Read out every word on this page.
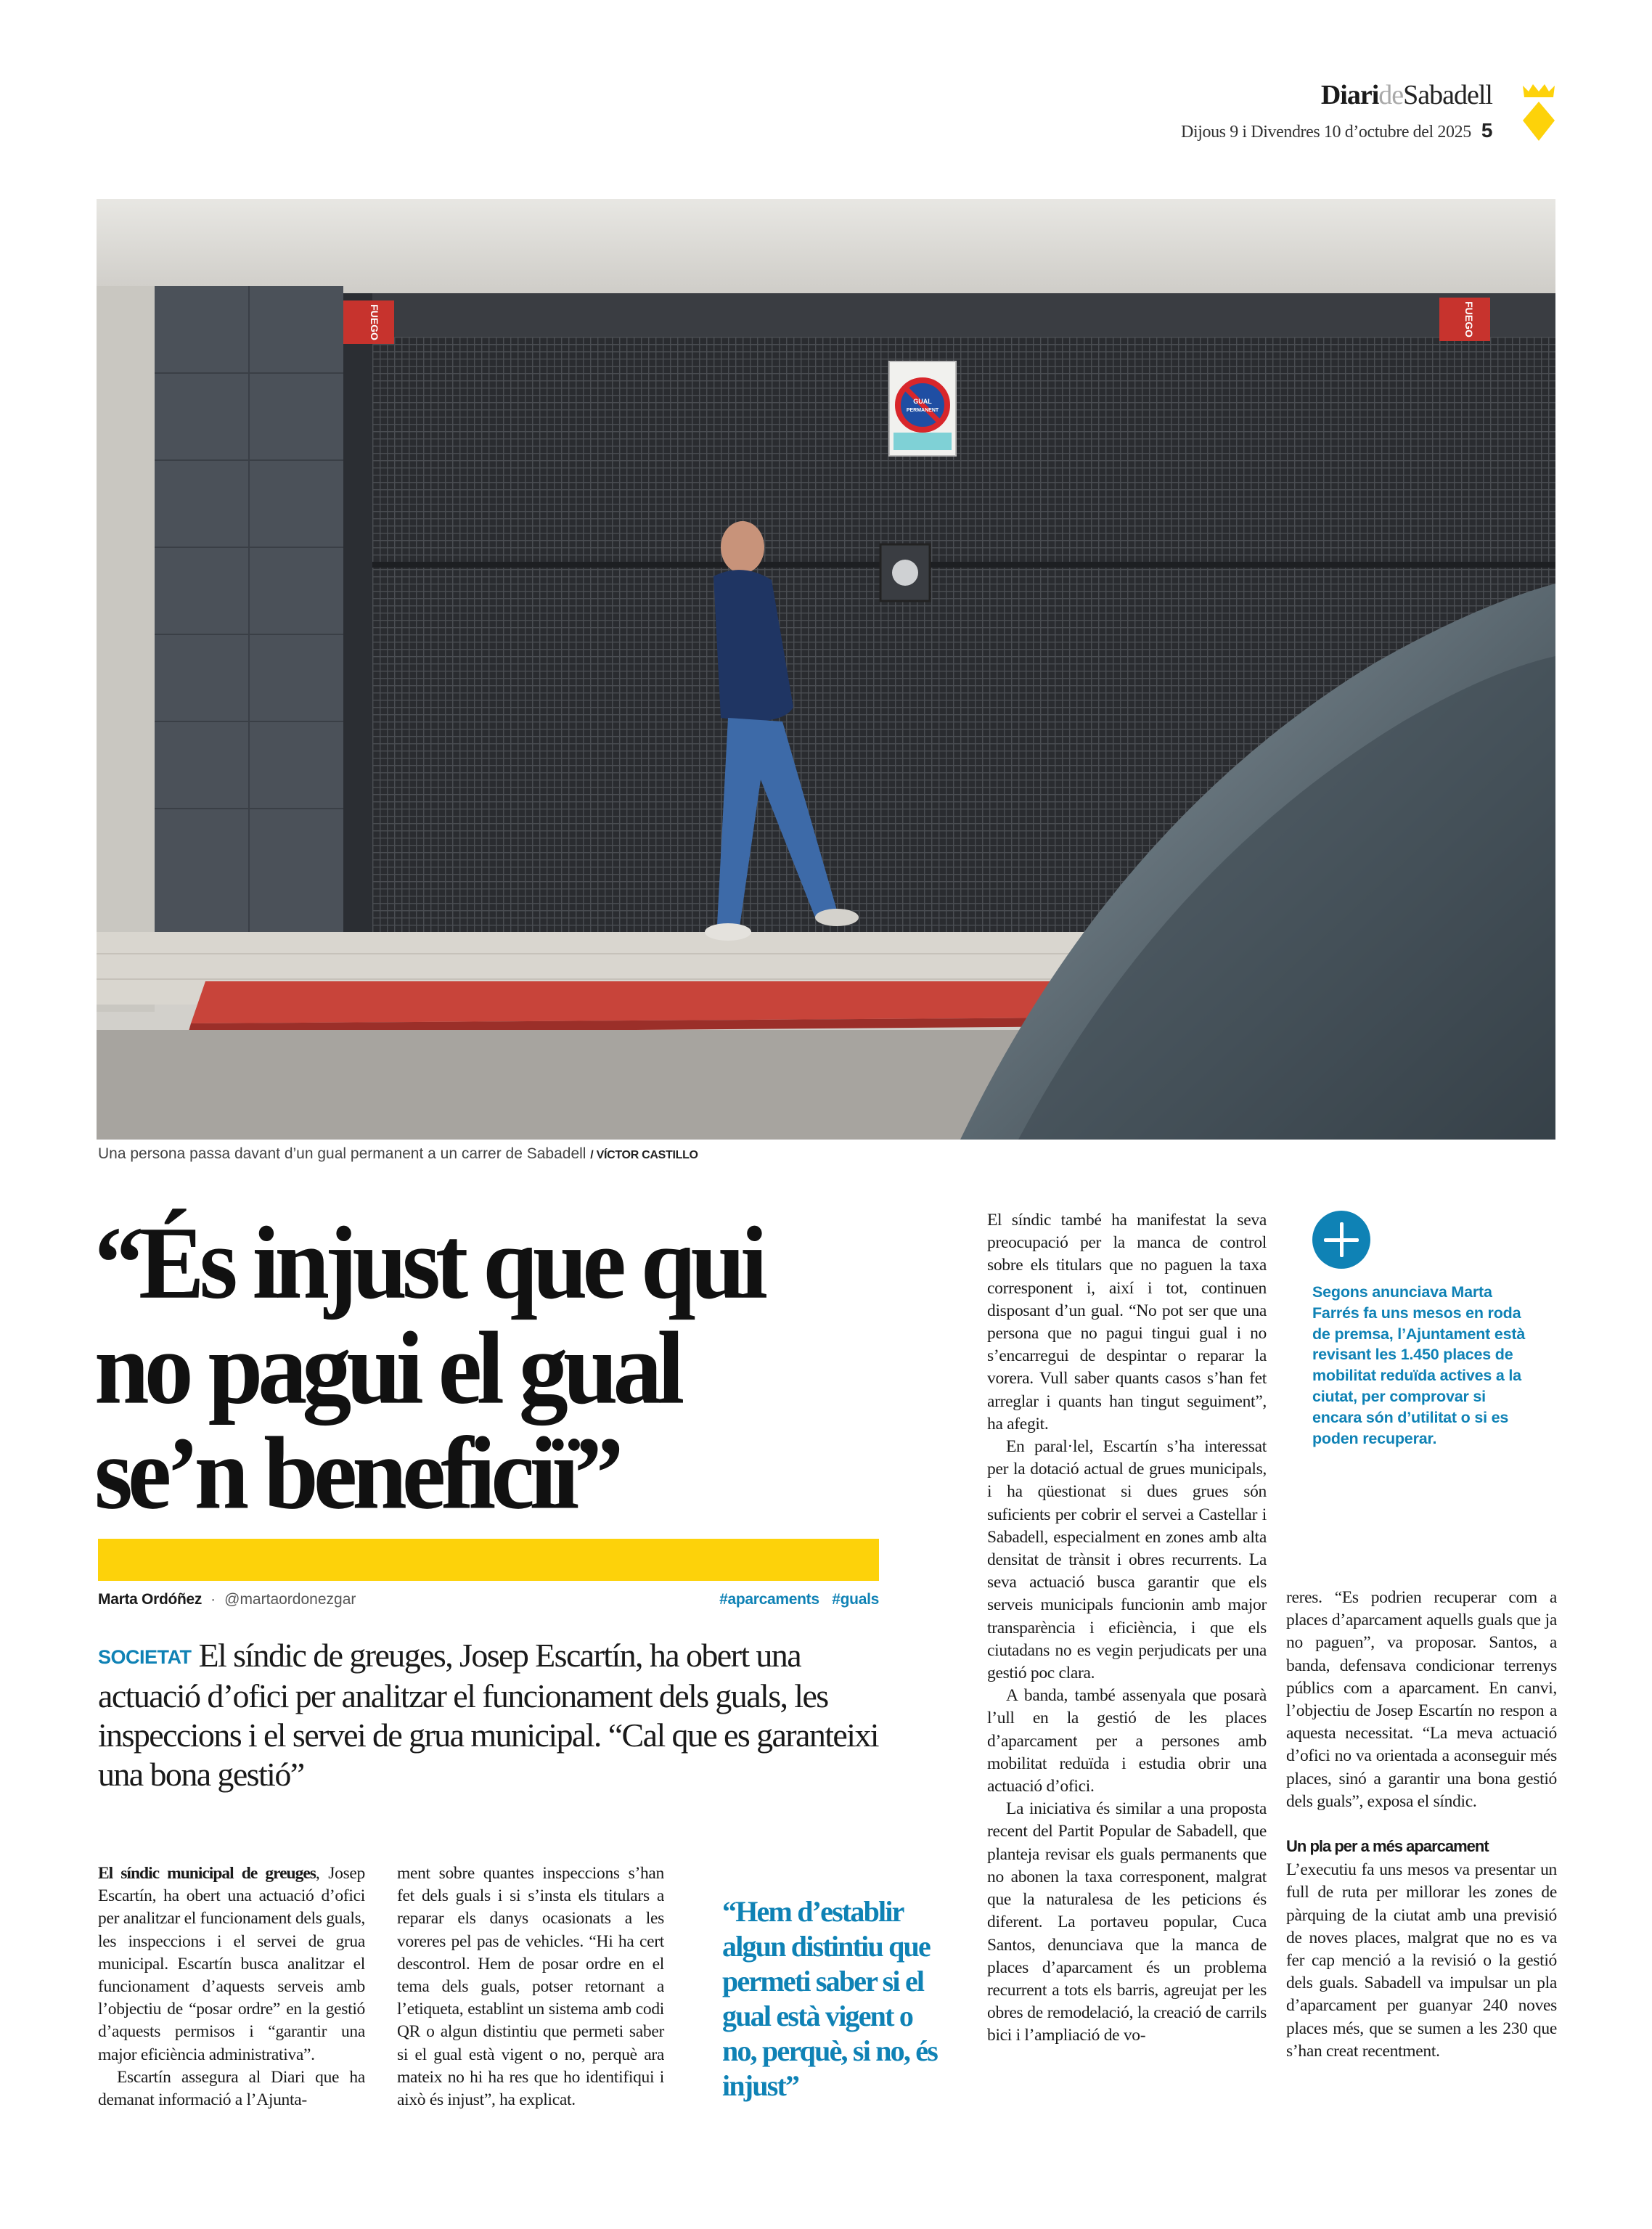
DiarideSabadell
Dijous 9 i Divendres 10 d’octubre del 2025 5
FUEGO	FUEGO
GUAL
PERMANENT
Una persona passa davant d’un gual permanent a un carrer de Sabadell / VÍCTOR CASTILLO
“És injust que qui
no pagui el gual
se’n beneficiï”
Marta Ordóñez · @martaordonezgar	#aparcaments #guals
SOCIETAT El síndic de greuges, Josep Escartín, ha obert una actuació d’ofici per analitzar el funcionament dels guals, les inspeccions i el servei de grua municipal. “Cal que es garanteixi una bona gestió”

El síndic municipal de greuges, Josep Escartín, ha obert una actuació d’ofici per analitzar el funcionament dels guals, les inspeccions i el servei de grua municipal. Escartín busca analitzar el funcionament d’aquests serveis amb l’objectiu de “posar ordre” en la gestió d’aquests permisos i “garantir una major eficiència administrativa”.

Escartín assegura al Diari que ha demanat informació a l’Ajunta-

ment sobre quantes inspeccions s’han fet dels guals i si s’insta els titulars a reparar els danys ocasionats a les voreres pel pas de vehicles. “Hi ha cert descontrol. Hem de posar ordre en el tema dels guals, potser retornant a l’etiqueta, establint un sistema amb codi QR o algun distintiu que permeti saber si el gual està vigent o no, perquè ara mateix no hi ha res que ho identifiqui i això és injust”, ha explicat.

“Hem d’establir algun distintiu que permeti saber si el gual està vigent o no, perquè, si no, és injust”

El síndic també ha manifestat la seva preocupació per la manca de control sobre els titulars que no paguen la taxa corresponent i, així i tot, continuen disposant d’un gual. “No pot ser que una persona que no pagui tingui gual i no s’encarregui de despintar o reparar la vorera. Vull saber quants casos s’han fet arreglar i quants han tingut seguiment”, ha afegit.

En paral·lel, Escartín s’ha interessat per la dotació actual de grues municipals, i ha qüestionat si dues grues són suficients per cobrir el servei a Castellar i Sabadell, especialment en zones amb alta densitat de trànsit i obres recurrents. La seva actuació busca garantir que els serveis municipals funcionin amb major transparència i eficiència, i que els ciutadans no es vegin perjudicats per una gestió poc clara.

A banda, també assenyala que posarà l’ull en la gestió de les places d’aparcament per a persones amb mobilitat reduïda i estudia obrir una actuació d’ofici.

La iniciativa és similar a una proposta recent del Partit Popular de Sabadell, que planteja revisar els guals permanents que no abonen la taxa corresponent, malgrat que la naturalesa de les peticions és diferent. La portaveu popular, Cuca Santos, denunciava que la manca de places d’aparcament és un problema recurrent a tots els barris, agreujat per les obres de remodelació, la creació de carrils bici i l’ampliació de vo-

Segons anunciava Marta Farrés fa uns mesos en roda de premsa, l’Ajuntament està revisant les 1.450 places de mobilitat reduïda actives a la ciutat, per comprovar si encara són d’utilitat o si es poden recuperar.

reres. “Es podrien recuperar com a places d’aparcament aquells guals que ja no paguen”, va proposar. Santos, a banda, defensava condicionar terrenys públics com a aparcament. En canvi, l’objectiu de Josep Escartín no respon a aquesta necessitat. “La meva actuació d’ofici no va orientada a aconseguir més places, sinó a garantir una bona gestió dels guals”, exposa el síndic.

Un pla per a més aparcament

L’executiu fa uns mesos va presentar un full de ruta per millorar les zones de pàrquing de la ciutat amb una previsió de noves places, malgrat que no es va fer cap menció a la revisió o la gestió dels guals. Sabadell va impulsar un pla d’aparcament per guanyar 240 noves places més, que se sumen a les 230 que s’han creat recentment.
